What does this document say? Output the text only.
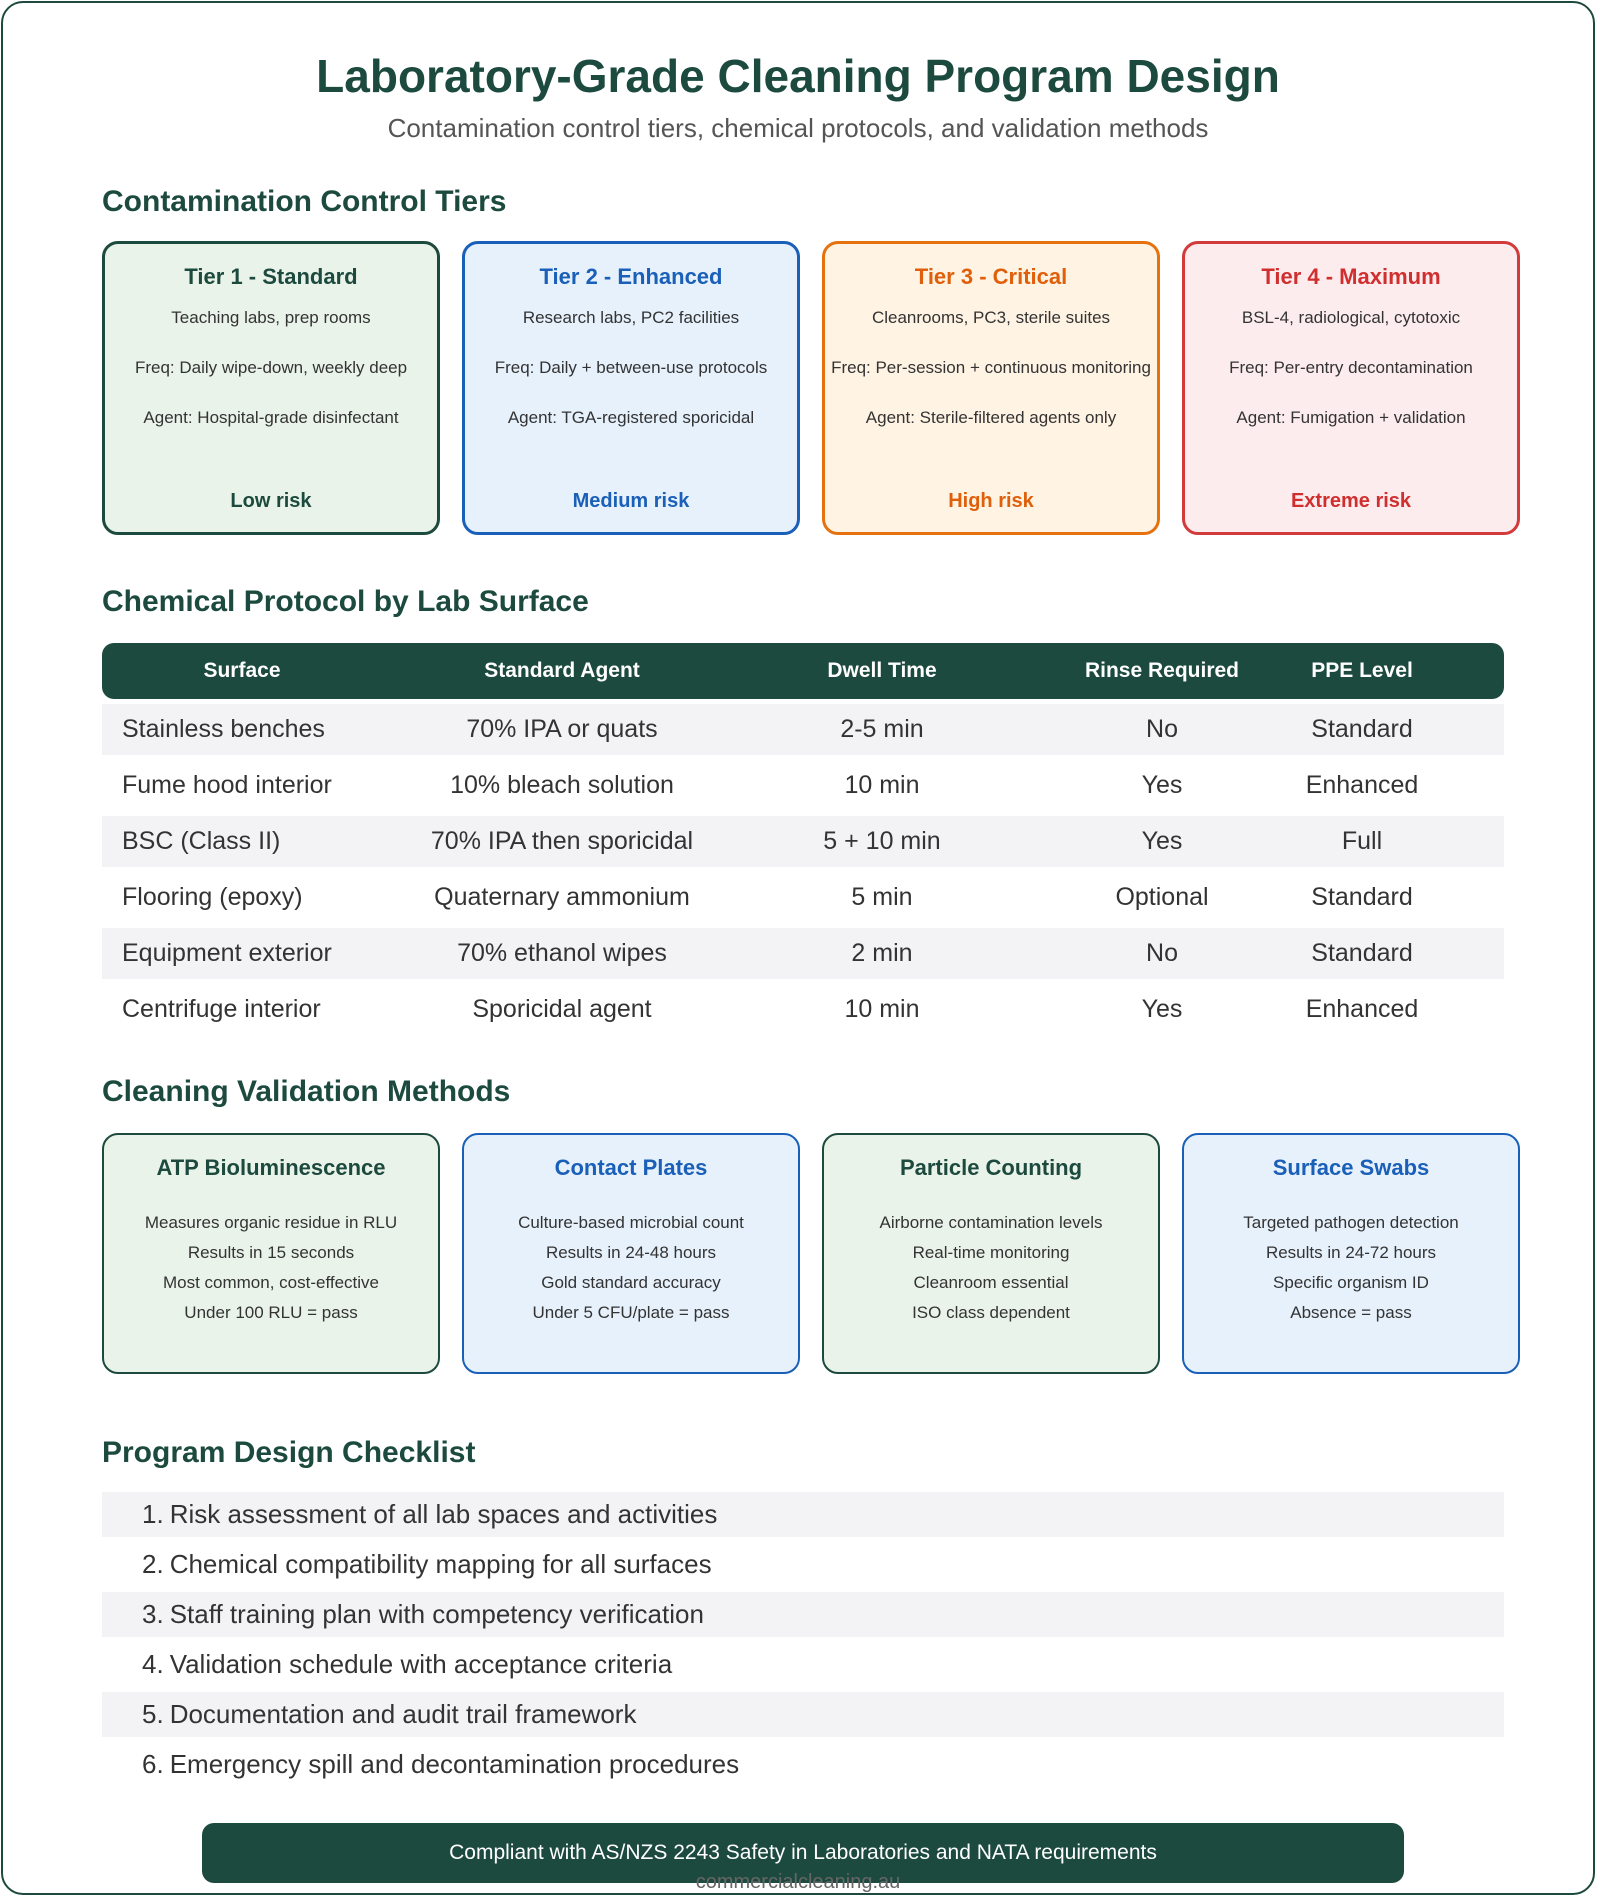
Laboratory-Grade Cleaning Program Design
Contamination control tiers, chemical protocols, and validation methods
Contamination Control Tiers
Tier 1 - Standard
Teaching labs, prep rooms
Freq: Daily wipe-down, weekly deep
Agent: Hospital-grade disinfectant
Low risk
Tier 2 - Enhanced
Research labs, PC2 facilities
Freq: Daily + between-use protocols
Agent: TGA-registered sporicidal
Medium risk
Tier 3 - Critical
Cleanrooms, PC3, sterile suites
Freq: Per-session + continuous monitoring
Agent: Sterile-filtered agents only
High risk
Tier 4 - Maximum
BSL-4, radiological, cytotoxic
Freq: Per-entry decontamination
Agent: Fumigation + validation
Extreme risk
Chemical Protocol by Lab Surface
Surface	Standard Agent	Dwell Time	Rinse Required	PPE Level
Stainless benches	70% IPA or quats	2-5 min	No	Standard
Fume hood interior	10% bleach solution	10 min	Yes	Enhanced
BSC (Class II)	70% IPA then sporicidal	5 + 10 min	Yes	Full
Flooring (epoxy)	Quaternary ammonium	5 min	Optional	Standard
Equipment exterior	70% ethanol wipes	2 min	No	Standard
Centrifuge interior	Sporicidal agent	10 min	Yes	Enhanced
Cleaning Validation Methods
ATP Bioluminescence
Measures organic residue in RLU
Results in 15 seconds
Most common, cost-effective
Under 100 RLU = pass
Contact Plates
Culture-based microbial count
Results in 24-48 hours
Gold standard accuracy
Under 5 CFU/plate = pass
Particle Counting
Airborne contamination levels
Real-time monitoring
Cleanroom essential
ISO class dependent
Surface Swabs
Targeted pathogen detection
Results in 24-72 hours
Specific organism ID
Absence = pass
Program Design Checklist
1. Risk assessment of all lab spaces and activities
2. Chemical compatibility mapping for all surfaces
3. Staff training plan with competency verification
4. Validation schedule with acceptance criteria
5. Documentation and audit trail framework
6. Emergency spill and decontamination procedures
Compliant with AS/NZS 2243 Safety in Laboratories and NATA requirements
commercialcleaning.au
